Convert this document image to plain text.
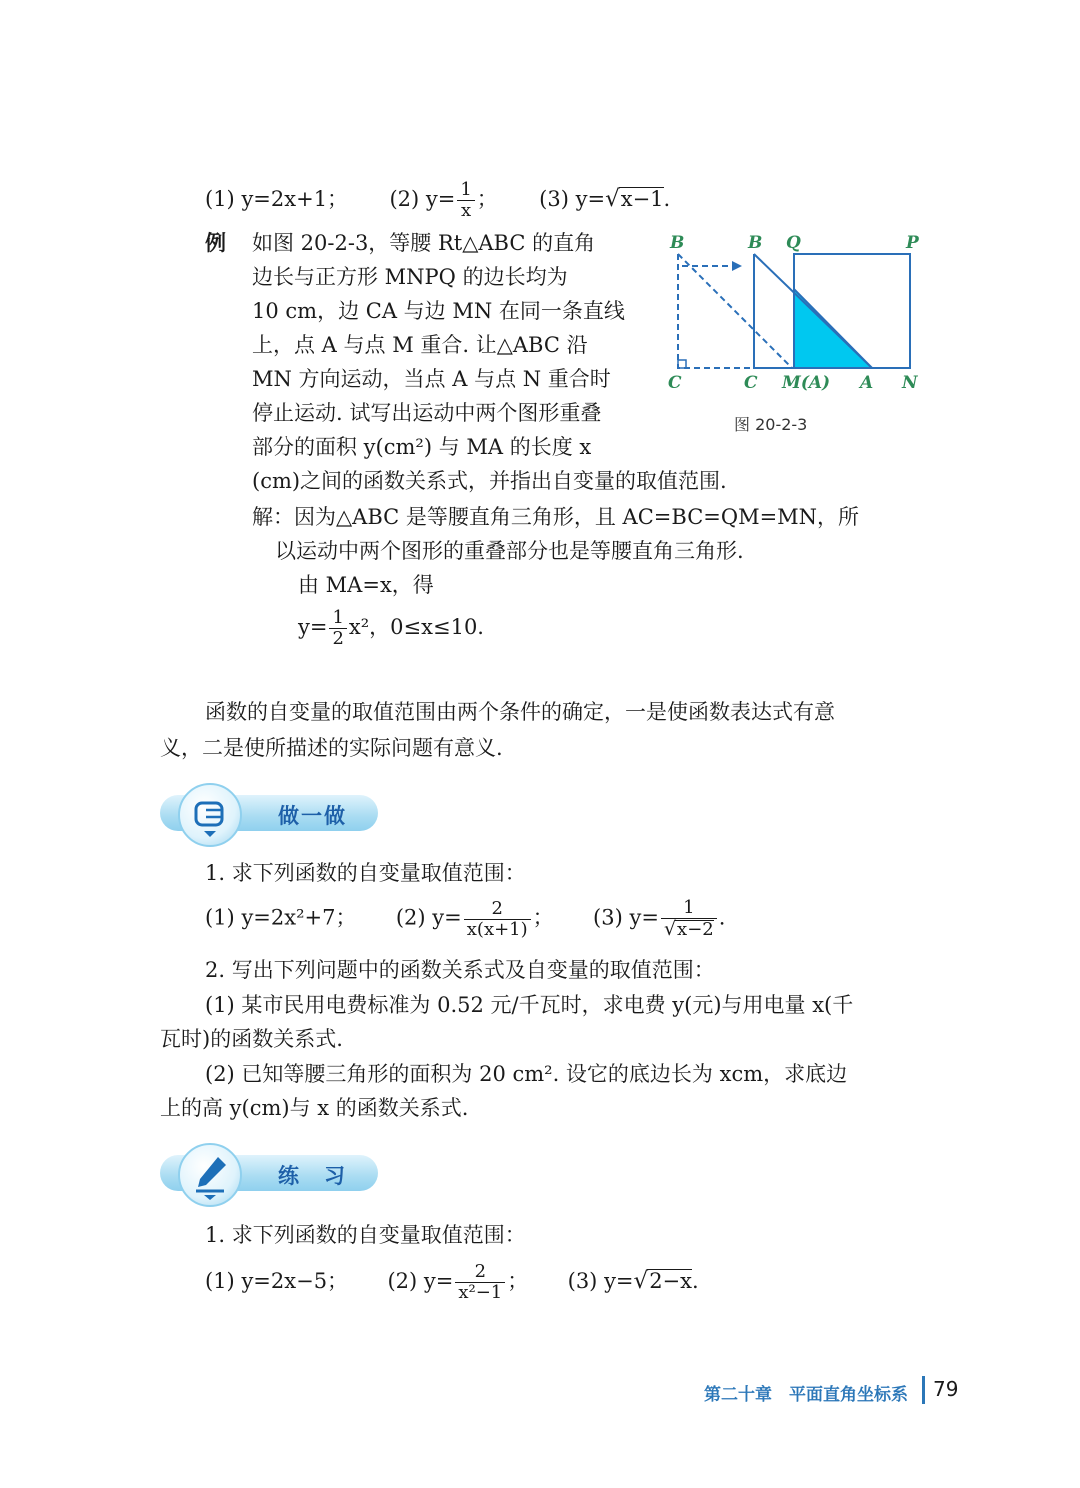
(1) y=2x+1； (2) $y= \frac{1}{x}$ ； (3) y=√x−1.
例 如图 20-2-3，等腰 Rt△ABC 的直角
边长与正方形 MNPQ 的边长均为
10 cm，边 CA 与边 MN 在同一条直线
上，点 A 与点 M 重合. 让△ABC 沿
MN 方向运动，当点 A 与点 N 重合时
停止运动. 试写出运动中两个图形重叠
部分的面积 y(cm²) 与 MA 的长度 x
(cm)之间的函数关系式，并指出自变量的取值范围.
B	B Q	P
C	C M(A) A N
图 20-2-3
解：因为△ABC 是等腰直角三角形，且 AC=BC=QM=MN，所
以运动中两个图形的重叠部分也是等腰直角三角形.
由 MA=x，得
$y= \frac{1}{2} x^2$，0≤x≤10.
函数的自变量的取值范围由两个条件的确定，一是使函数表达式有意
义，二是使所描述的实际问题有意义.
做一做
1. 求下列函数的自变量取值范围：
(1) y=2x²+7； (2) $y= \frac{2}{x(x+1)}$ ； (3) $y= \frac{1}{√x-2}$ .
2. 写出下列问题中的函数关系式及自变量的取值范围：
(1) 某市民用电费标准为 0.52 元/千瓦时，求电费 y(元)与用电量 x(千
瓦时)的函数关系式.
(2) 已知等腰三角形的面积为 20 cm². 设它的底边长为 xcm，求底边
上的高 y(cm)与 x 的函数关系式.
练　习
1. 求下列函数的自变量取值范围：
(1) y=2x−5； (2) $y= \frac{2}{\text{x²−1}}$ ； (3) y=√2−x.
第二十章　平面直角坐标系 79
